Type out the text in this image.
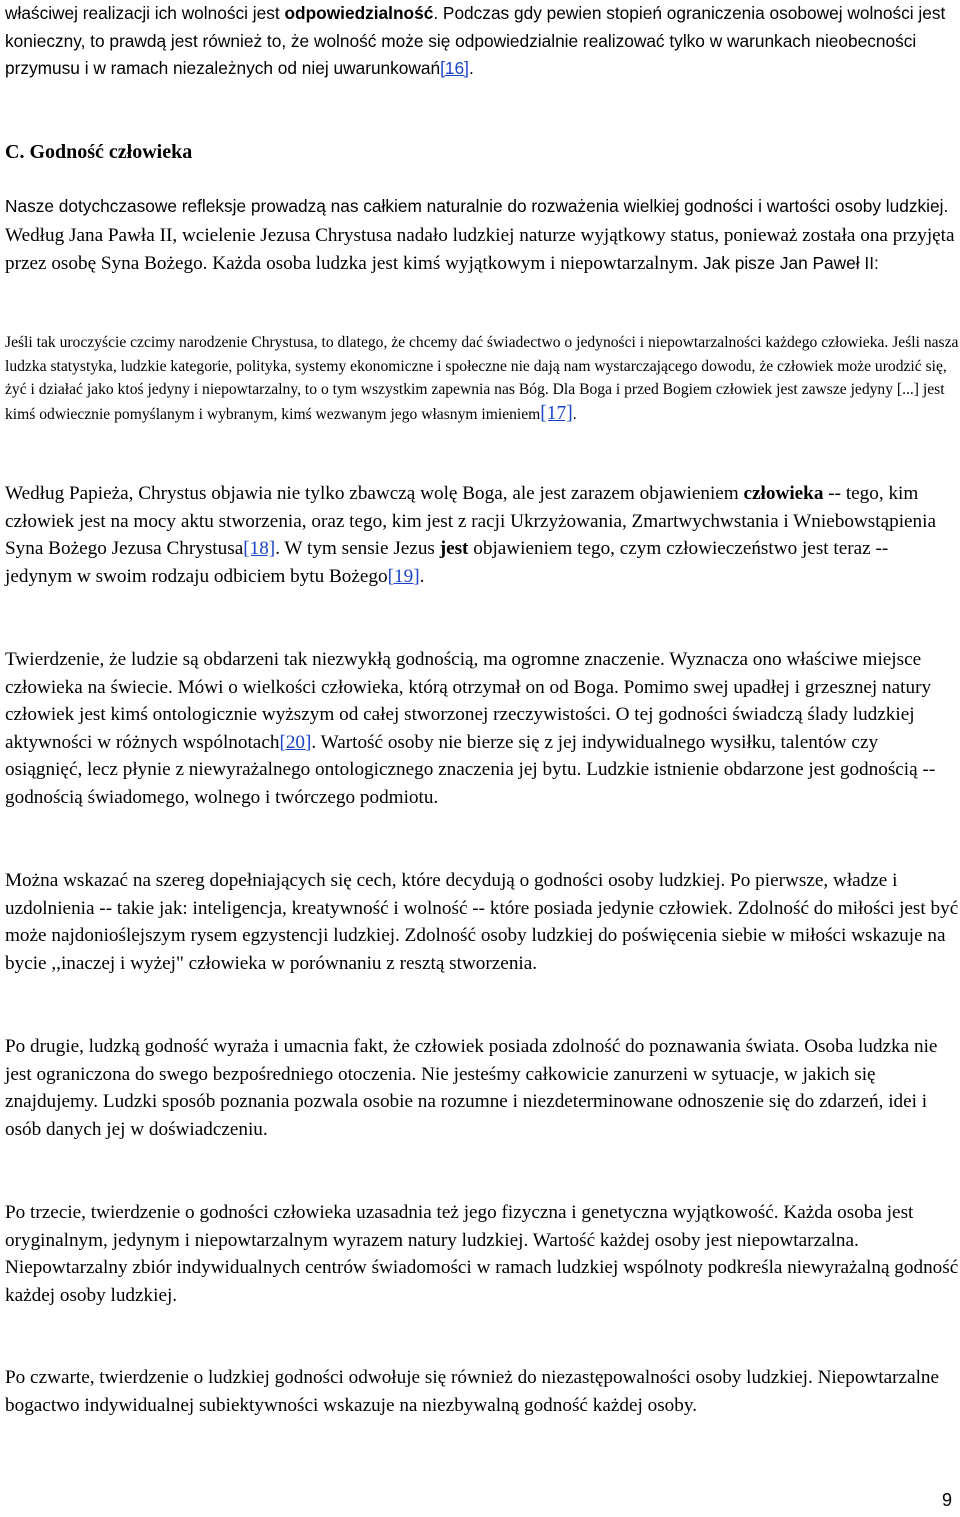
właściwej realizacji ich wolności jest odpowiedzialność. Podczas gdy pewien stopień ograniczenia osobowej wolności jest konieczny, to prawdą jest również to, że wolność może się odpowiedzialnie realizować tylko w warunkach nieobecności przymusu i w ramach niezależnych od niej uwarunkowań[16].

C. Godność człowieka

Nasze dotychczasowe refleksje prowadzą nas całkiem naturalnie do rozważenia wielkiej godności i wartości osoby ludzkiej. Według Jana Pawła II, wcielenie Jezusa Chrystusa nadało ludzkiej naturze wyjątkowy status, ponieważ została ona przyjęta przez osobę Syna Bożego. Każda osoba ludzka jest kimś wyjątkowym i niepowtarzalnym. Jak pisze Jan Paweł II:

Jeśli tak uroczyście czcimy narodzenie Chrystusa, to dlatego, że chcemy dać świadectwo o jedyności i niepowtarzalności każdego człowieka. Jeśli nasza ludzka statystyka, ludzkie kategorie, polityka, systemy ekonomiczne i społeczne nie dają nam wystarczającego dowodu, że człowiek może urodzić się, żyć i działać jako ktoś jedyny i niepowtarzalny, to o tym wszystkim zapewnia nas Bóg. Dla Boga i przed Bogiem człowiek jest zawsze jedyny [...] jest kimś odwiecznie pomyślanym i wybranym, kimś wezwanym jego własnym imieniem[17].

Według Papieża, Chrystus objawia nie tylko zbawczą wolę Boga, ale jest zarazem objawieniem człowieka -- tego, kim człowiek jest na mocy aktu stworzenia, oraz tego, kim jest z racji Ukrzyżowania, Zmartwychwstania i Wniebowstąpienia Syna Bożego Jezusa Chrystusa[18]. W tym sensie Jezus jest objawieniem tego, czym człowieczeństwo jest teraz -- jedynym w swoim rodzaju odbiciem bytu Bożego[19].

Twierdzenie, że ludzie są obdarzeni tak niezwykłą godnością, ma ogromne znaczenie. Wyznacza ono właściwe miejsce człowieka na świecie. Mówi o wielkości człowieka, którą otrzymał on od Boga. Pomimo swej upadłej i grzesznej natury człowiek jest kimś ontologicznie wyższym od całej stworzonej rzeczywistości. O tej godności świadczą ślady ludzkiej aktywności w różnych wspólnotach[20]. Wartość osoby nie bierze się z jej indywidualnego wysiłku, talentów czy osiągnięć, lecz płynie z niewyrażalnego ontologicznego znaczenia jej bytu. Ludzkie istnienie obdarzone jest godnością -- godnością świadomego, wolnego i twórczego podmiotu.

Można wskazać na szereg dopełniających się cech, które decydują o godności osoby ludzkiej. Po pierwsze, władze i uzdolnienia -- takie jak: inteligencja, kreatywność i wolność -- które posiada jedynie człowiek. Zdolność do miłości jest być może najdonioślejszym rysem egzystencji ludzkiej. Zdolność osoby ludzkiej do poświęcenia siebie w miłości wskazuje na bycie ,,inaczej i wyżej" człowieka w porównaniu z resztą stworzenia.

Po drugie, ludzką godność wyraża i umacnia fakt, że człowiek posiada zdolność do poznawania świata. Osoba ludzka nie jest ograniczona do swego bezpośredniego otoczenia. Nie jesteśmy całkowicie zanurzeni w sytuacje, w jakich się znajdujemy. Ludzki sposób poznania pozwala osobie na rozumne i niezdeterminowane odnoszenie się do zdarzeń, idei i osób danych jej w doświadczeniu.

Po trzecie, twierdzenie o godności człowieka uzasadnia też jego fizyczna i genetyczna wyjątkowość. Każda osoba jest oryginalnym, jedynym i niepowtarzalnym wyrazem natury ludzkiej. Wartość każdej osoby jest niepowtarzalna. Niepowtarzalny zbiór indywidualnych centrów świadomości w ramach ludzkiej wspólnoty podkreśla niewyrażalną godność każdej osoby ludzkiej.

Po czwarte, twierdzenie o ludzkiej godności odwołuje się również do niezastępowalności osoby ludzkiej. Niepowtarzalne bogactwo indywidualnej subiektywności wskazuje na niezbywalną godność każdej osoby.

9
